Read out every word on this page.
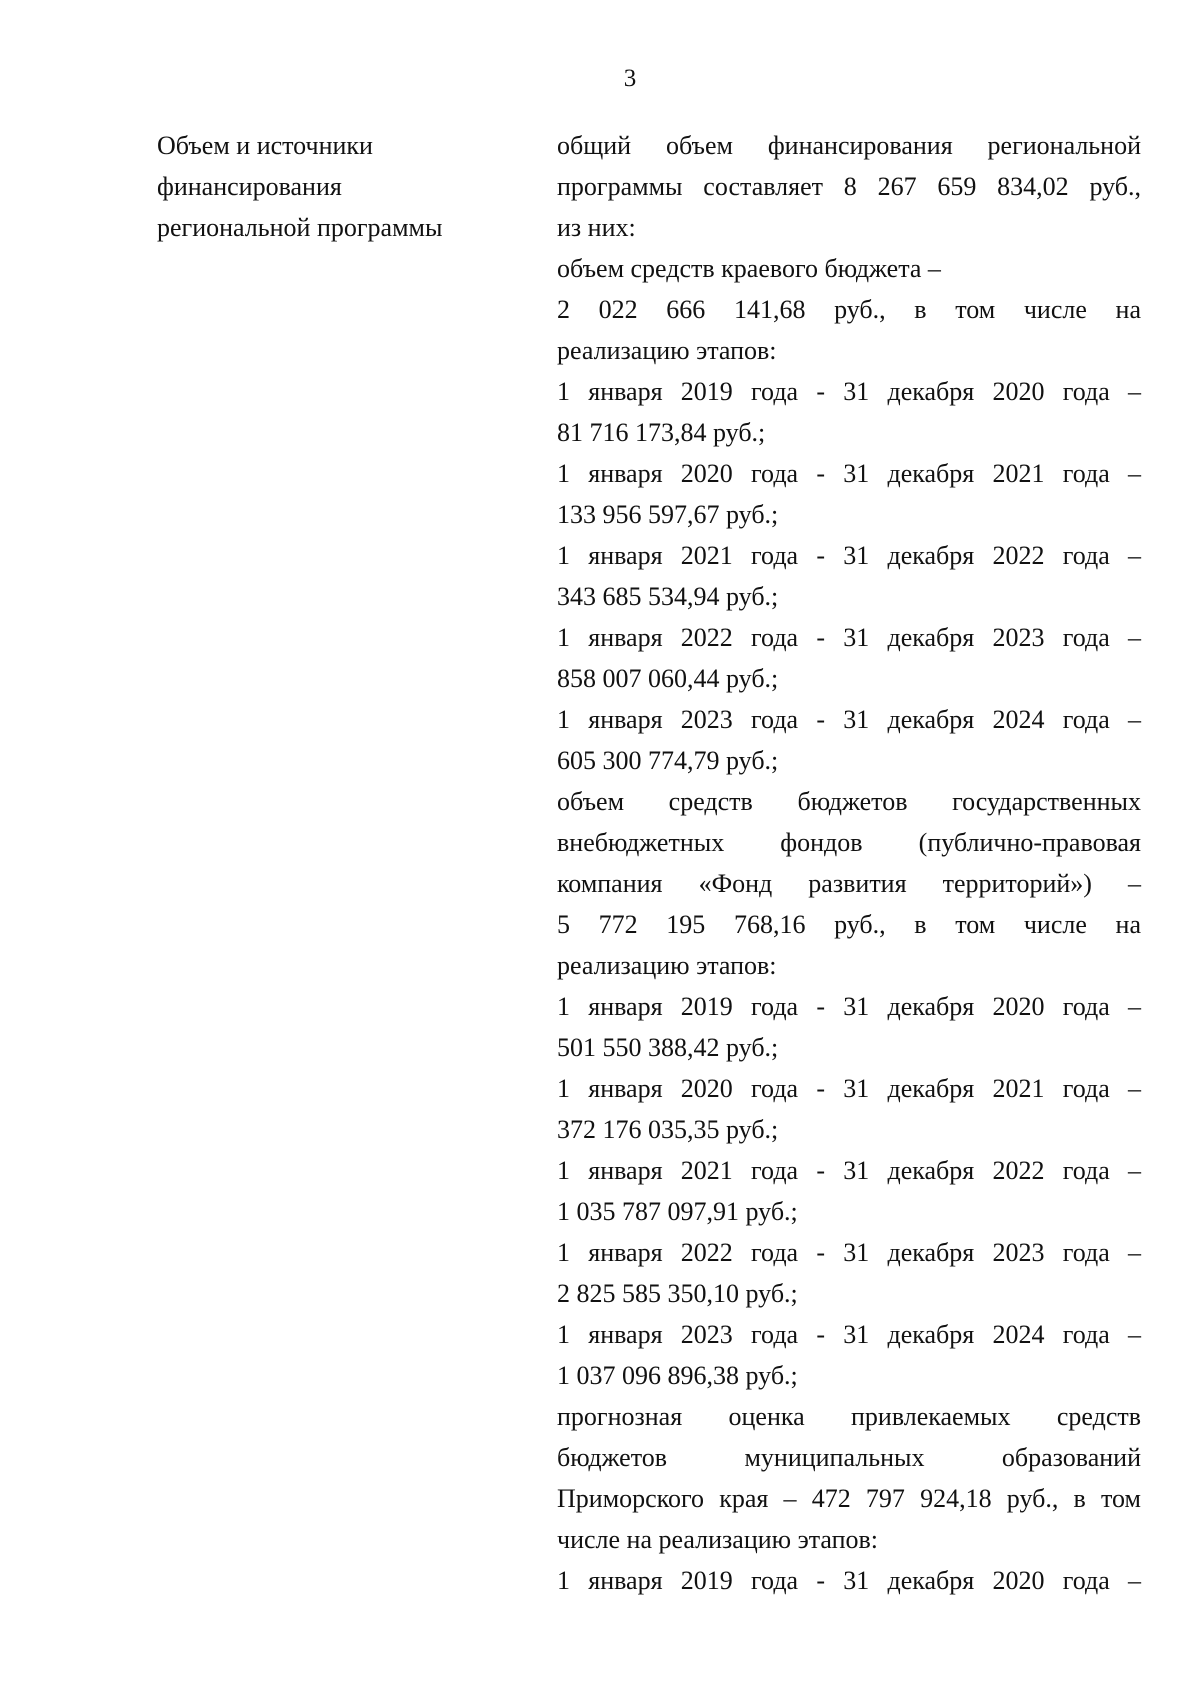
3
Объем и источники
финансирования
региональной программы
общий объем финансирования региональной
программы составляет 8 267 659 834,02 руб.,
из них:
объем средств краевого бюджета –
2 022 666 141,68 руб., в том числе на
реализацию этапов:
1 января 2019 года - 31 декабря 2020 года –
81 716 173,84 руб.;
1 января 2020 года - 31 декабря 2021 года –
133 956 597,67 руб.;
1 января 2021 года - 31 декабря 2022 года –
343 685 534,94 руб.;
1 января 2022 года - 31 декабря 2023 года –
858 007 060,44 руб.;
1 января 2023 года - 31 декабря 2024 года –
605 300 774,79 руб.;
объем средств бюджетов государственных
внебюджетных фондов (публично-правовая
компания «Фонд развития территорий») –
5 772 195 768,16 руб., в том числе на
реализацию этапов:
1 января 2019 года - 31 декабря 2020 года –
501 550 388,42 руб.;
1 января 2020 года - 31 декабря 2021 года –
372 176 035,35 руб.;
1 января 2021 года - 31 декабря 2022 года –
1 035 787 097,91 руб.;
1 января 2022 года - 31 декабря 2023 года –
2 825 585 350,10 руб.;
1 января 2023 года - 31 декабря 2024 года –
1 037 096 896,38 руб.;
прогнозная оценка привлекаемых средств
бюджетов муниципальных образований
Приморского края – 472 797 924,18 руб., в том
числе на реализацию этапов:
1 января 2019 года - 31 декабря 2020 года –
